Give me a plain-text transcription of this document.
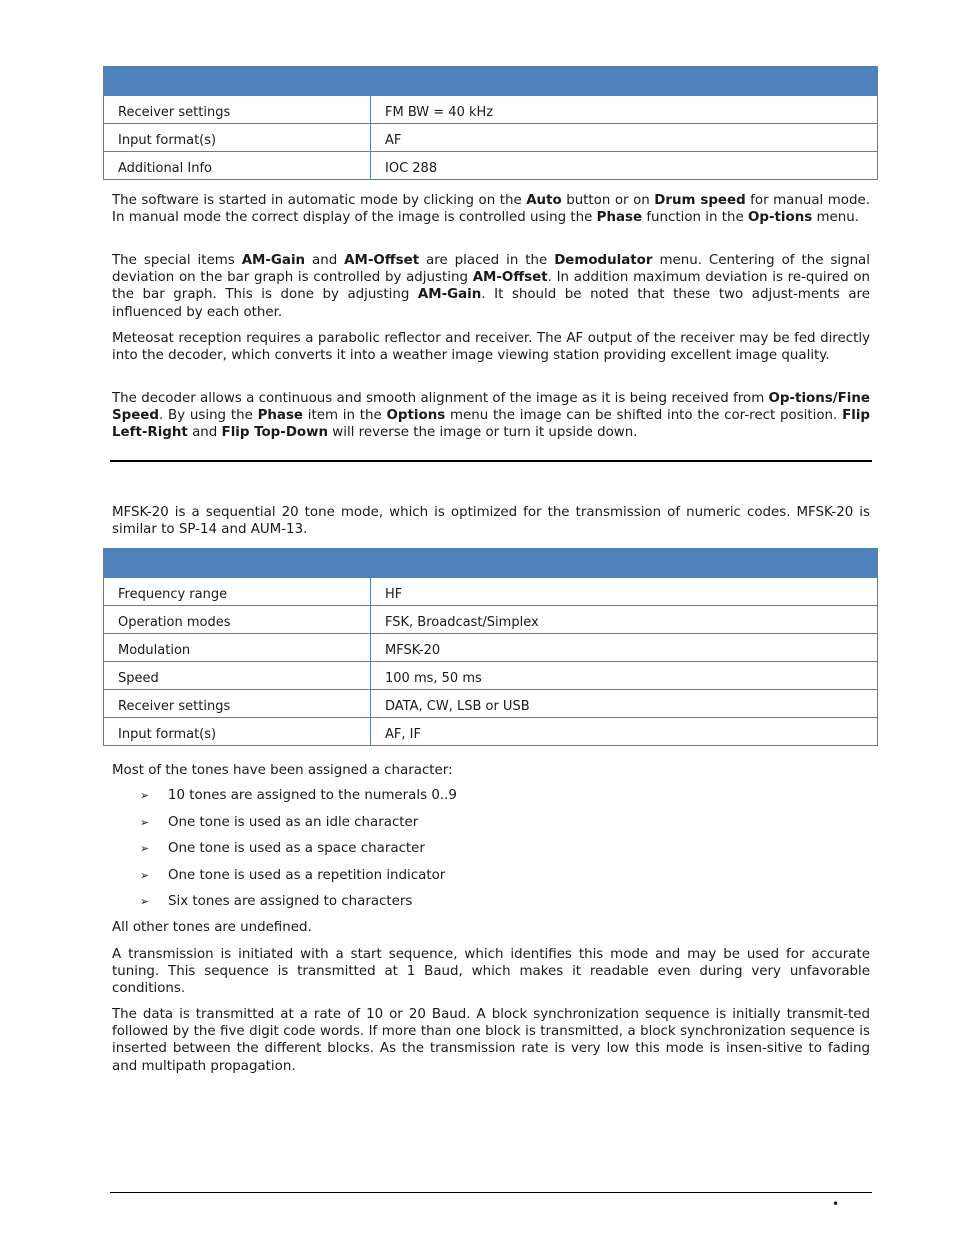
Receiver settings	FM BW = 40 kHz
Input format(s)	AF
Additional Info	IOC 288

The software is started in automatic mode by clicking on the Auto button or on Drum speed for manual mode. In manual mode the correct display of the image is controlled using the Phase function in the Op-tions menu.

The special items AM-Gain and AM-Offset are placed in the Demodulator menu. Centering of the signal deviation on the bar graph is controlled by adjusting AM-Offset. In addition maximum deviation is re-quired on the bar graph. This is done by adjusting AM-Gain. It should be noted that these two adjust-ments are influenced by each other.

Meteosat reception requires a parabolic reflector and receiver. The AF output of the receiver may be fed directly into the decoder, which converts it into a weather image viewing station providing excellent image quality.

The decoder allows a continuous and smooth alignment of the image as it is being received from Op-tions/Fine Speed. By using the Phase item in the Options menu the image can be shifted into the cor-rect position. Flip Left-Right and Flip Top-Down will reverse the image or turn it upside down.

MFSK-20 is a sequential 20 tone mode, which is optimized for the transmission of numeric codes. MFSK-20 is similar to SP-14 and AUM-13.

Frequency range	HF
Operation modes	FSK, Broadcast/Simplex
Modulation	MFSK-20
Speed	100 ms, 50 ms
Receiver settings	DATA, CW, LSB or USB
Input format(s)	AF, IF

Most of the tones have been assigned a character:

➢ 10 tones are assigned to the numerals 0..9
➢ One tone is used as an idle character
➢ One tone is used as a space character
➢ One tone is used as a repetition indicator
➢ Six tones are assigned to characters

All other tones are undefined.

A transmission is initiated with a start sequence, which identifies this mode and may be used for accurate tuning. This sequence is transmitted at 1 Baud, which makes it readable even during very unfavorable conditions.

The data is transmitted at a rate of 10 or 20 Baud. A block synchronization sequence is initially transmit-ted followed by the five digit code words. If more than one block is transmitted, a block synchronization sequence is inserted between the different blocks. As the transmission rate is very low this mode is insen-sitive to fading and multipath propagation.

•
